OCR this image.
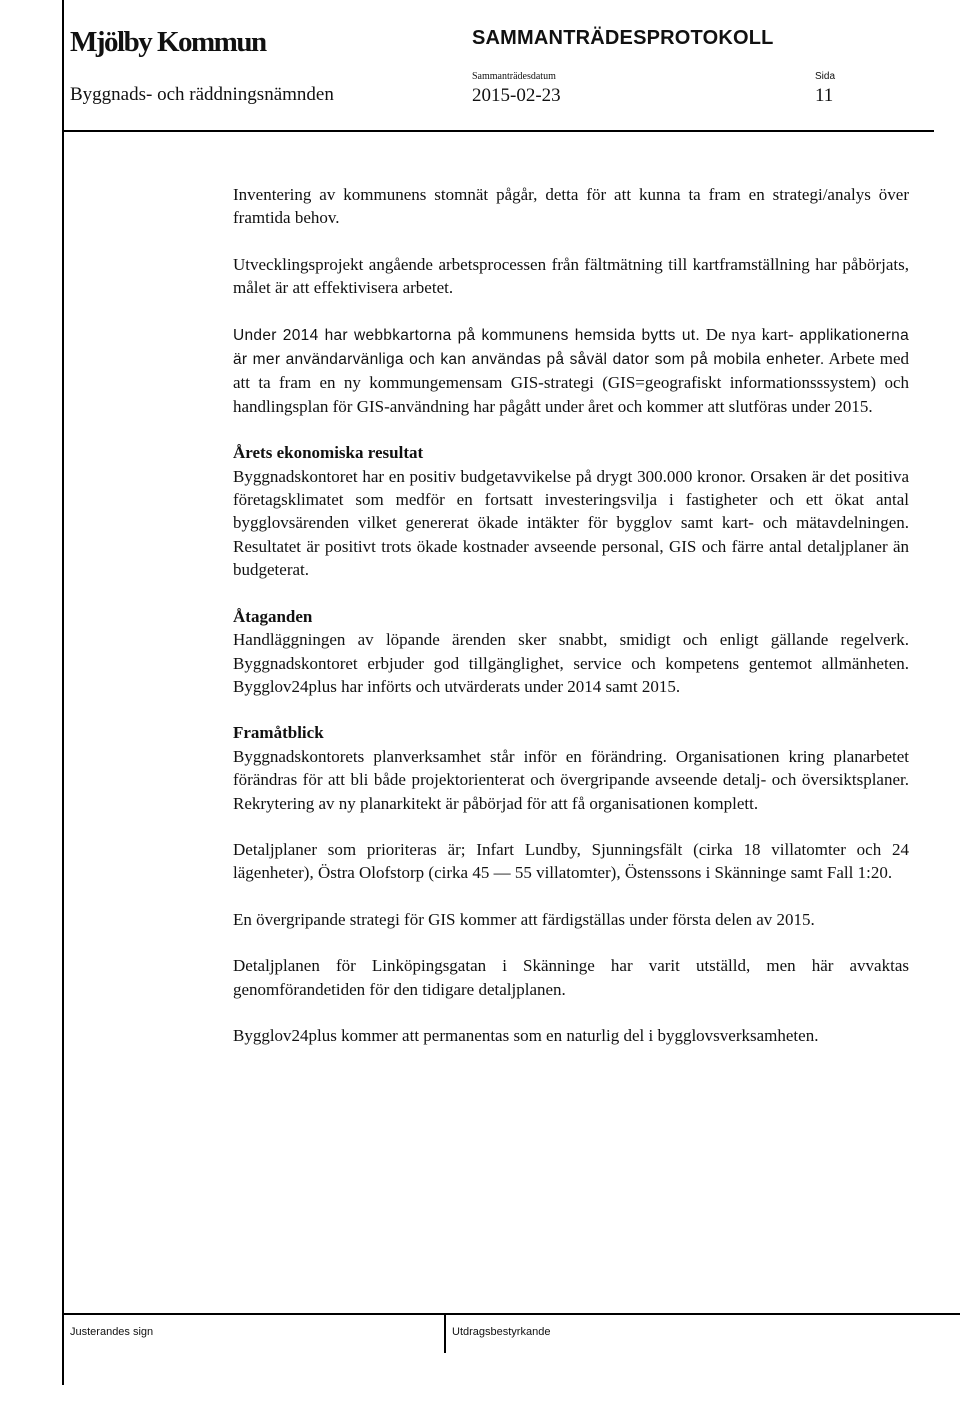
Mjölby Kommun	SAMMANTRÄDESPROTOKOLL
Byggnads- och räddningsnämnden
Sammanträdesdatum
2015-02-23
Sida
11

Inventering av kommunens stomnät pågår, detta för att kunna ta fram en strategi/analys över framtida behov.

Utvecklingsprojekt angående arbetsprocessen från fältmätning till kartframställning har påbörjats, målet är att effektivisera arbetet.

Under 2014 har webbkartorna på kommunens hemsida bytts ut. De nya kart- applikationerna är mer användarvänliga och kan användas på såväl dator som på mobila enheter. Arbete med att ta fram en ny kommungemensam GIS-strategi (GIS=geografiskt informationsssystem) och handlingsplan för GIS-användning har pågått under året och kommer att slutföras under 2015.

Årets ekonomiska resultat
Byggnadskontoret har en positiv budgetavvikelse på drygt 300.000 kronor. Orsaken är det positiva företagsklimatet som medför en fortsatt investeringsvilja i fastigheter och ett ökat antal bygglovsärenden vilket genererat ökade intäkter för bygglov samt kart- och mätavdelningen. Resultatet är positivt trots ökade kostnader avseende personal, GIS och färre antal detaljplaner än budgeterat.

Åtaganden
Handläggningen av löpande ärenden sker snabbt, smidigt och enligt gällande regelverk. Byggnadskontoret erbjuder god tillgänglighet, service och kompetens gentemot allmänheten. Bygglov24plus har införts och utvärderats under 2014 samt 2015.

Framåtblick
Byggnadskontorets planverksamhet står inför en förändring. Organisationen kring planarbetet förändras för att bli både projektorienterat och övergripande avseende detalj- och översiktsplaner. Rekrytering av ny planarkitekt är påbörjad för att få organisationen komplett.

Detaljplaner som prioriteras är; Infart Lundby, Sjunningsfält (cirka 18 villatomter och 24 lägenheter), Östra Olofstorp (cirka 45 — 55 villatomter), Östenssons i Skänninge samt Fall 1:20.

En övergripande strategi för GIS kommer att färdigställas under första delen av 2015.

Detaljplanen för Linköpingsgatan i Skänninge har varit utställd, men här avvaktas genomförandetiden för den tidigare detaljplanen.

Bygglov24plus kommer att permanentas som en naturlig del i bygglovsverksamheten.

Justerandes sign	Utdragsbestyrkande
